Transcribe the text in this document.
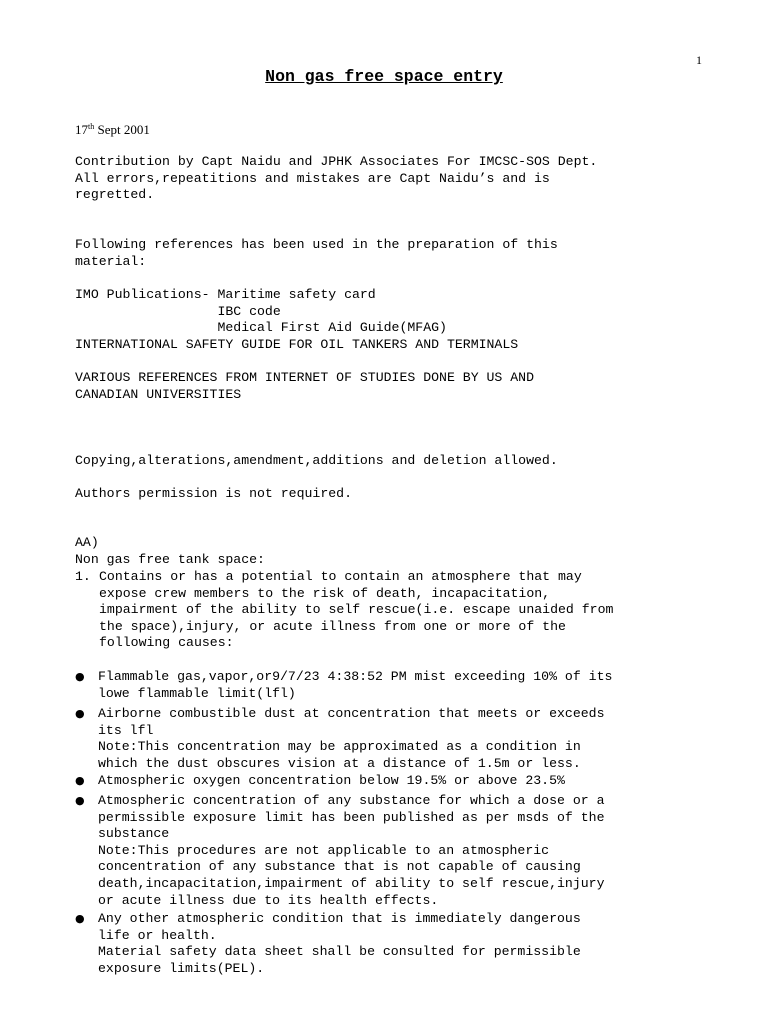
1
Non gas free space entry
17th Sept 2001
Contribution by Capt Naidu and JPHK Associates For IMCSC-SOS Dept.
All errors,repeatitions and mistakes are Capt Naidu’s and is
regretted.
Following references has been used in the preparation of this
material:
IMO Publications- Maritime safety card
IBC code
Medical First Aid Guide(MFAG)
INTERNATIONAL SAFETY GUIDE FOR OIL TANKERS AND TERMINALS
VARIOUS REFERENCES FROM INTERNET OF STUDIES DONE BY US AND
CANADIAN UNIVERSITIES
Copying,alterations,amendment,additions and deletion allowed.
Authors permission is not required.
AA)
Non gas free tank space:

1.

Contains or has a potential to contain an atmosphere that may
expose crew members to the risk of death, incapacitation,
impairment of the ability to self rescue(i.e. escape unaided from
the space),injury, or acute illness from one or more of the
following causes:

● Flammable gas,vapor,or9/7/23 4:38:52 PM mist exceeding 10% of its
lowe flammable limit(lfl)
● Airborne combustible dust at concentration that meets or exceeds
its lfl
Note:This concentration may be approximated as a condition in
which the dust obscures vision at a distance of 1.5m or less.
● Atmospheric oxygen concentration below 19.5% or above 23.5%
● Atmospheric concentration of any substance for which a dose or a
permissible exposure limit has been published as per msds of the
substance
Note:This procedures are not applicable to an atmospheric
concentration of any substance that is not capable of causing
death,incapacitation,impairment of ability to self rescue,injury
or acute illness due to its health effects.
● Any other atmospheric condition that is immediately dangerous
life or health.
Material safety data sheet shall be consulted for permissible
exposure limits(PEL).
